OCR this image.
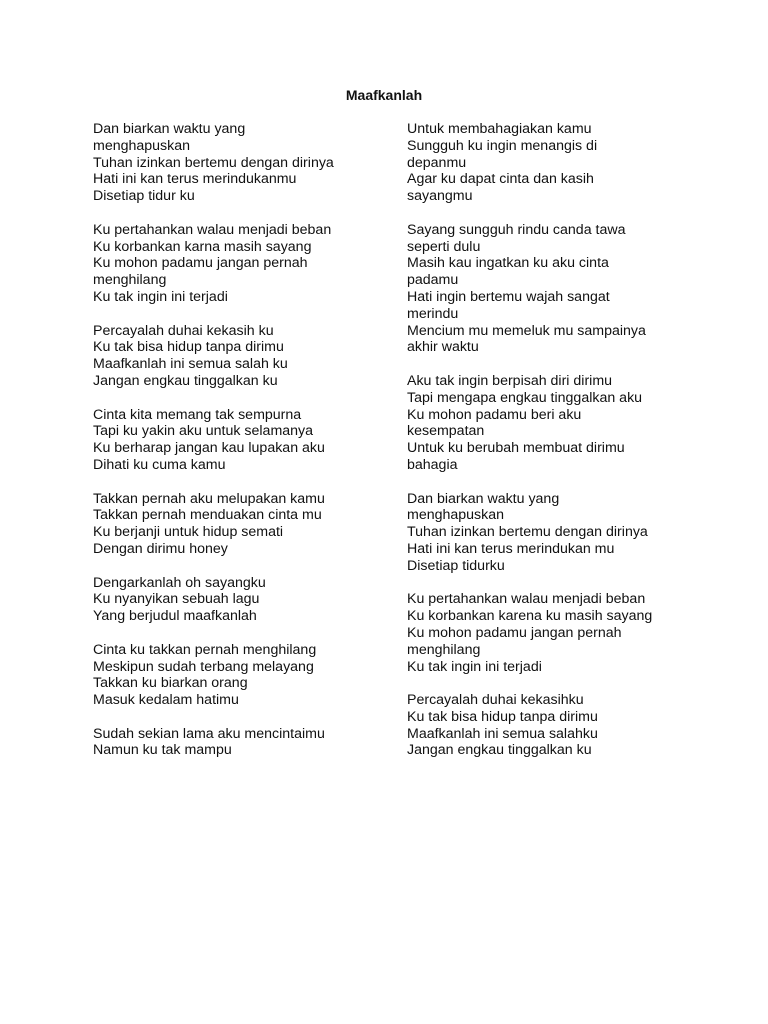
Maafkanlah
Dan biarkan waktu yang
menghapuskan
Tuhan izinkan bertemu dengan dirinya
Hati ini kan terus merindukanmu
Disetiap tidur ku
Ku pertahankan walau menjadi beban
Ku korbankan karna masih sayang
Ku mohon padamu jangan pernah
menghilang
Ku tak ingin ini terjadi
Percayalah duhai kekasih ku
Ku tak bisa hidup tanpa dirimu
Maafkanlah ini semua salah ku
Jangan engkau tinggalkan ku
Cinta kita memang tak sempurna
Tapi ku yakin aku untuk selamanya
Ku berharap jangan kau lupakan aku
Dihati ku cuma kamu
Takkan pernah aku melupakan kamu
Takkan pernah menduakan cinta mu
Ku berjanji untuk hidup semati
Dengan dirimu honey
Dengarkanlah oh sayangku
Ku nyanyikan sebuah lagu
Yang berjudul maafkanlah
Cinta ku takkan pernah menghilang
Meskipun sudah terbang melayang
Takkan ku biarkan orang
Masuk kedalam hatimu
Sudah sekian lama aku mencintaimu
Namun ku tak mampu
Untuk membahagiakan kamu
Sungguh ku ingin menangis di
depanmu
Agar ku dapat cinta dan kasih
sayangmu
Sayang sungguh rindu canda tawa
seperti dulu
Masih kau ingatkan ku aku cinta
padamu
Hati ingin bertemu wajah sangat
merindu
Mencium mu memeluk mu sampainya
akhir waktu
Aku tak ingin berpisah diri dirimu
Tapi mengapa engkau tinggalkan aku
Ku mohon padamu beri aku
kesempatan
Untuk ku berubah membuat dirimu
bahagia
Dan biarkan waktu yang
menghapuskan
Tuhan izinkan bertemu dengan dirinya
Hati ini kan terus merindukan mu
Disetiap tidurku
Ku pertahankan walau menjadi beban
Ku korbankan karena ku masih sayang
Ku mohon padamu jangan pernah
menghilang
Ku tak ingin ini terjadi
Percayalah duhai kekasihku
Ku tak bisa hidup tanpa dirimu
Maafkanlah ini semua salahku
Jangan engkau tinggalkan ku
